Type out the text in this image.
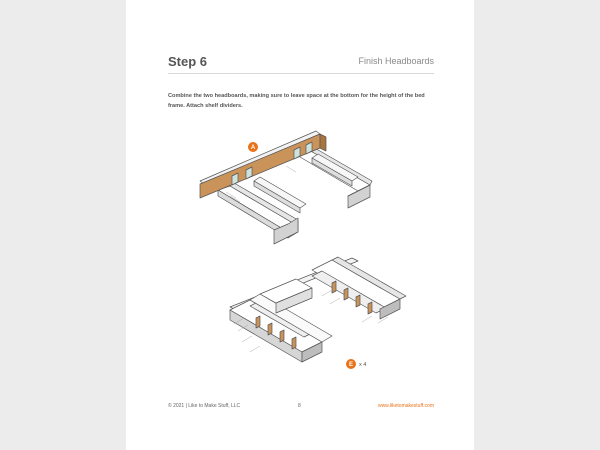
Step 6	Finish Headboards
Combine the two headboards, making sure to leave space at the bottom for the height of the bed frame. Attach shelf dividers.
A
E x 4
© 2021 | Like to Make Stuff, LLC	8	www.liketomakestuff.com
